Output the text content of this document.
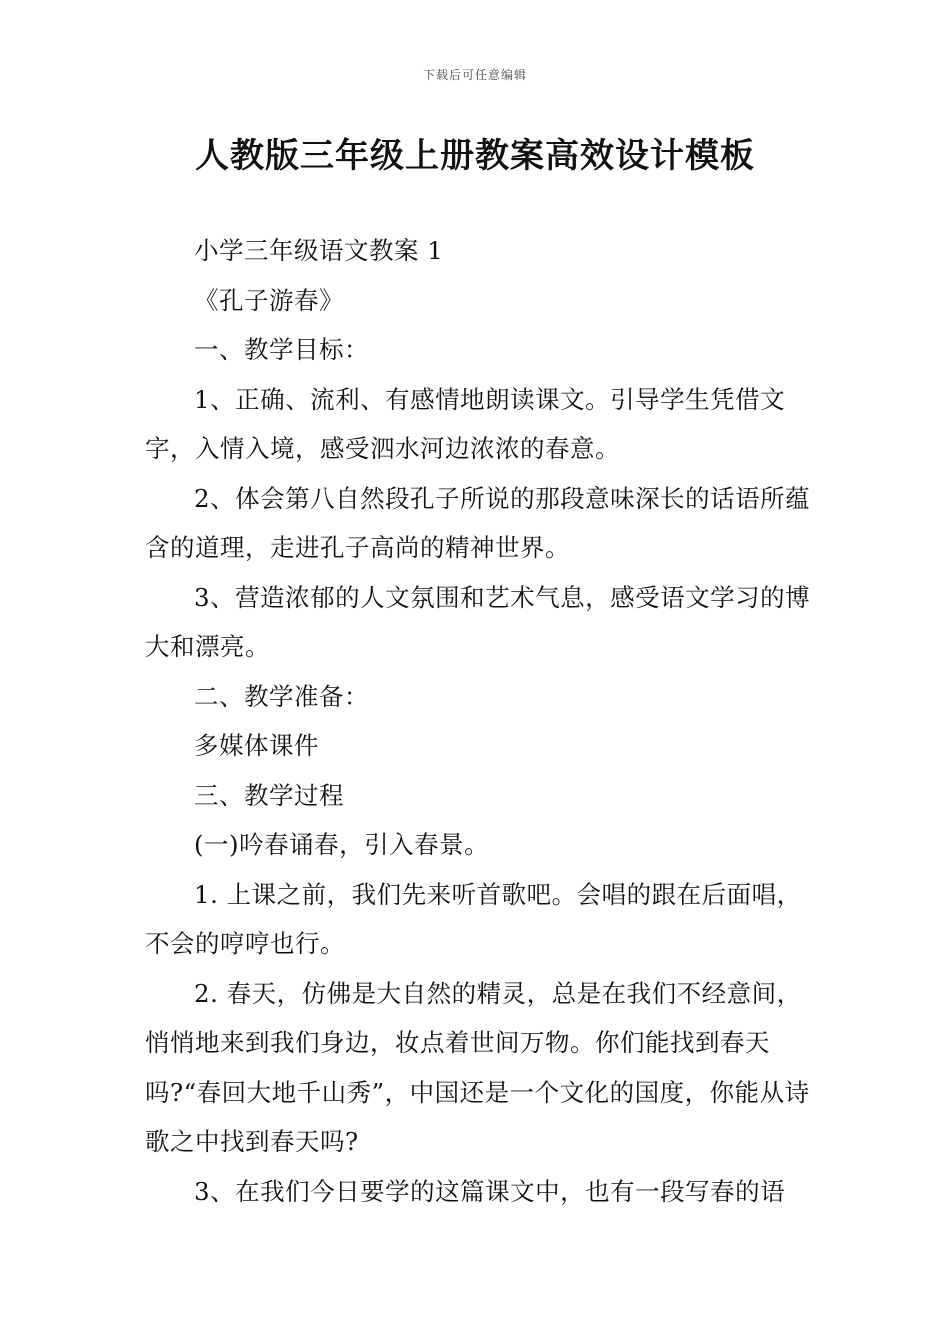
下载后可任意编辑
人教版三年级上册教案高效设计模板

小学三年级语文教案 1

《孔子游春》

一、教学目标：

1、正确、流利、有感情地朗读课文。引导学生凭借文字，入情入境，感受泗水河边浓浓的春意。

2、体会第八自然段孔子所说的那段意味深长的话语所蕴含的道理，走进孔子高尚的精神世界。

3、营造浓郁的人文氛围和艺术气息，感受语文学习的博大和漂亮。

二、教学准备：

多媒体课件

三、教学过程

(一)吟春诵春，引入春景。

1. 上课之前，我们先来听首歌吧。会唱的跟在后面唱，不会的哼哼也行。

2. 春天，仿佛是大自然的精灵，总是在我们不经意间，悄悄地来到我们身边，妆点着世间万物。你们能找到春天吗?“春回大地千山秀”，中国还是一个文化的国度，你能从诗歌之中找到春天吗?

3、在我们今日要学的这篇课文中，也有一段写春的语
